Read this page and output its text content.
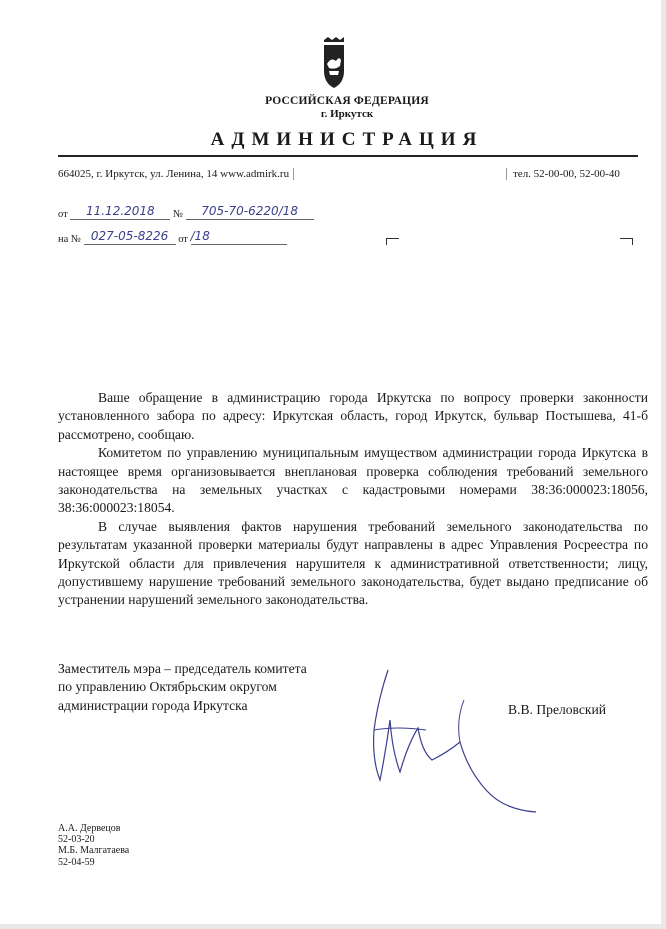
РОССИЙСКАЯ ФЕДЕРАЦИЯ
г. Иркутск
АДМИНИСТРАЦИЯ
664025, г. Иркутск, ул. Ленина, 14 www.admirk.ru	тел. 52-00-00, 52-00-40
от 11.12.2018 № 705-70-6220/18
на № 027-05-8226 от /18

Ваше обращение в администрацию города Иркутска по вопросу проверки законности установленного забора по адресу: Иркутская область, город Иркутск, бульвар Постышева, 41-б рассмотрено, сообщаю.

Комитетом по управлению муниципальным имуществом администрации города Иркутска в настоящее время организовывается внеплановая проверка соблюдения требований земельного законодательства на земельных участках с кадастровыми номерами 38:36:000023:18056, 38:36:000023:18054.

В случае выявления фактов нарушения требований земельного законодательства по результатам указанной проверки материалы будут направлены в адрес Управления Росреестра по Иркутской области для привлечения нарушителя к административной ответственности; лицу, допустившему нарушение требований земельного законодательства, будет выдано предписание об устранении нарушений земельного законодательства.

Заместитель мэра – председатель комитета
по управлению Октябрьским округом
администрации города Иркутска	В.В. Преловский
А.А. Дервецов
52-03-20
М.Б. Малгатаева
52-04-59
